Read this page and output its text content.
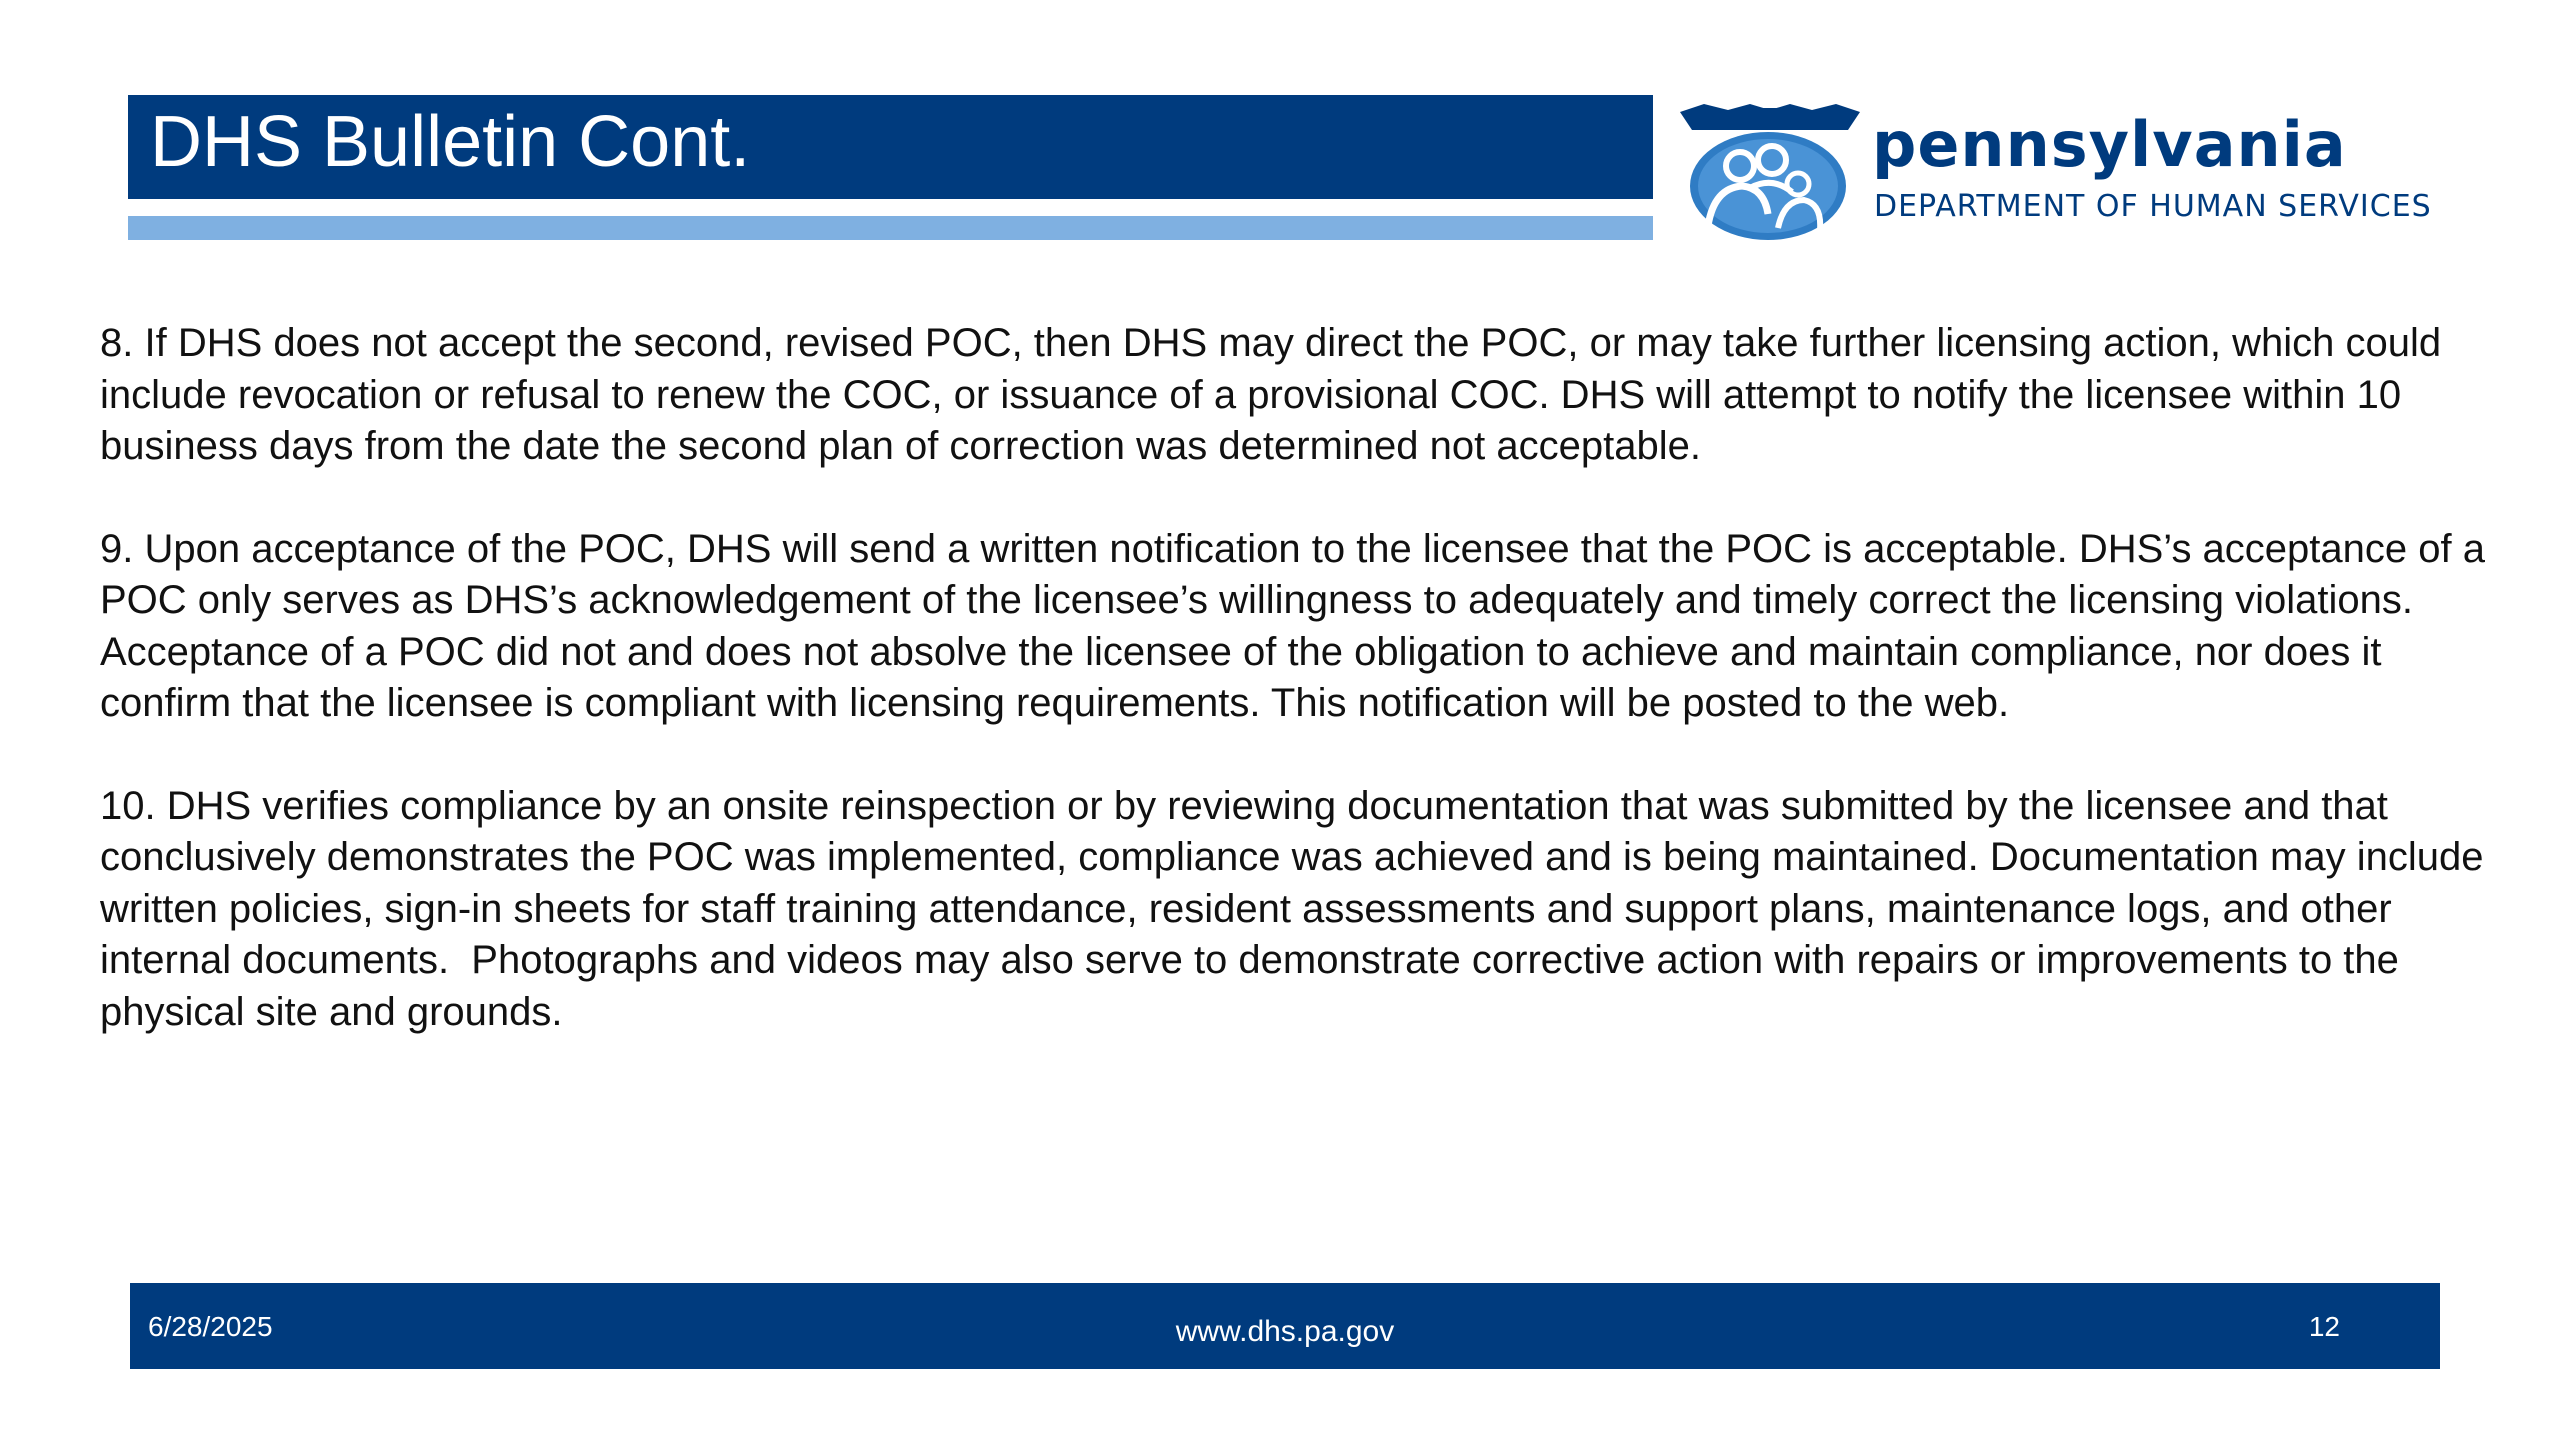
DHS Bulletin Cont.	pennsylvania
DEPARTMENT OF HUMAN SERVICES

8. If DHS does not accept the second, revised POC, then DHS may direct the POC, or may take further licensing action, which could include revocation or refusal to renew the COC, or issuance of a provisional COC. DHS will attempt to notify the licensee within 10 business days from the date the second plan of correction was determined not acceptable.

9. Upon acceptance of the POC, DHS will send a written notification to the licensee that the POC is acceptable. DHS’s acceptance of a POC only serves as DHS’s acknowledgement of the licensee’s willingness to adequately and timely correct the licensing violations.  Acceptance of a POC did not and does not absolve the licensee of the obligation to achieve and maintain compliance, nor does it confirm that the licensee is compliant with licensing requirements. This notification will be posted to the web.

10. DHS verifies compliance by an onsite reinspection or by reviewing documentation that was submitted by the licensee and that conclusively demonstrates the POC was implemented, compliance was achieved and is being maintained. Documentation may include written policies, sign-in sheets for staff training attendance, resident assessments and support plans, maintenance logs, and other internal documents.  Photographs and videos may also serve to demonstrate corrective action with repairs or improvements to the physical site and grounds.

6/28/2025	www.dhs.pa.gov	12
